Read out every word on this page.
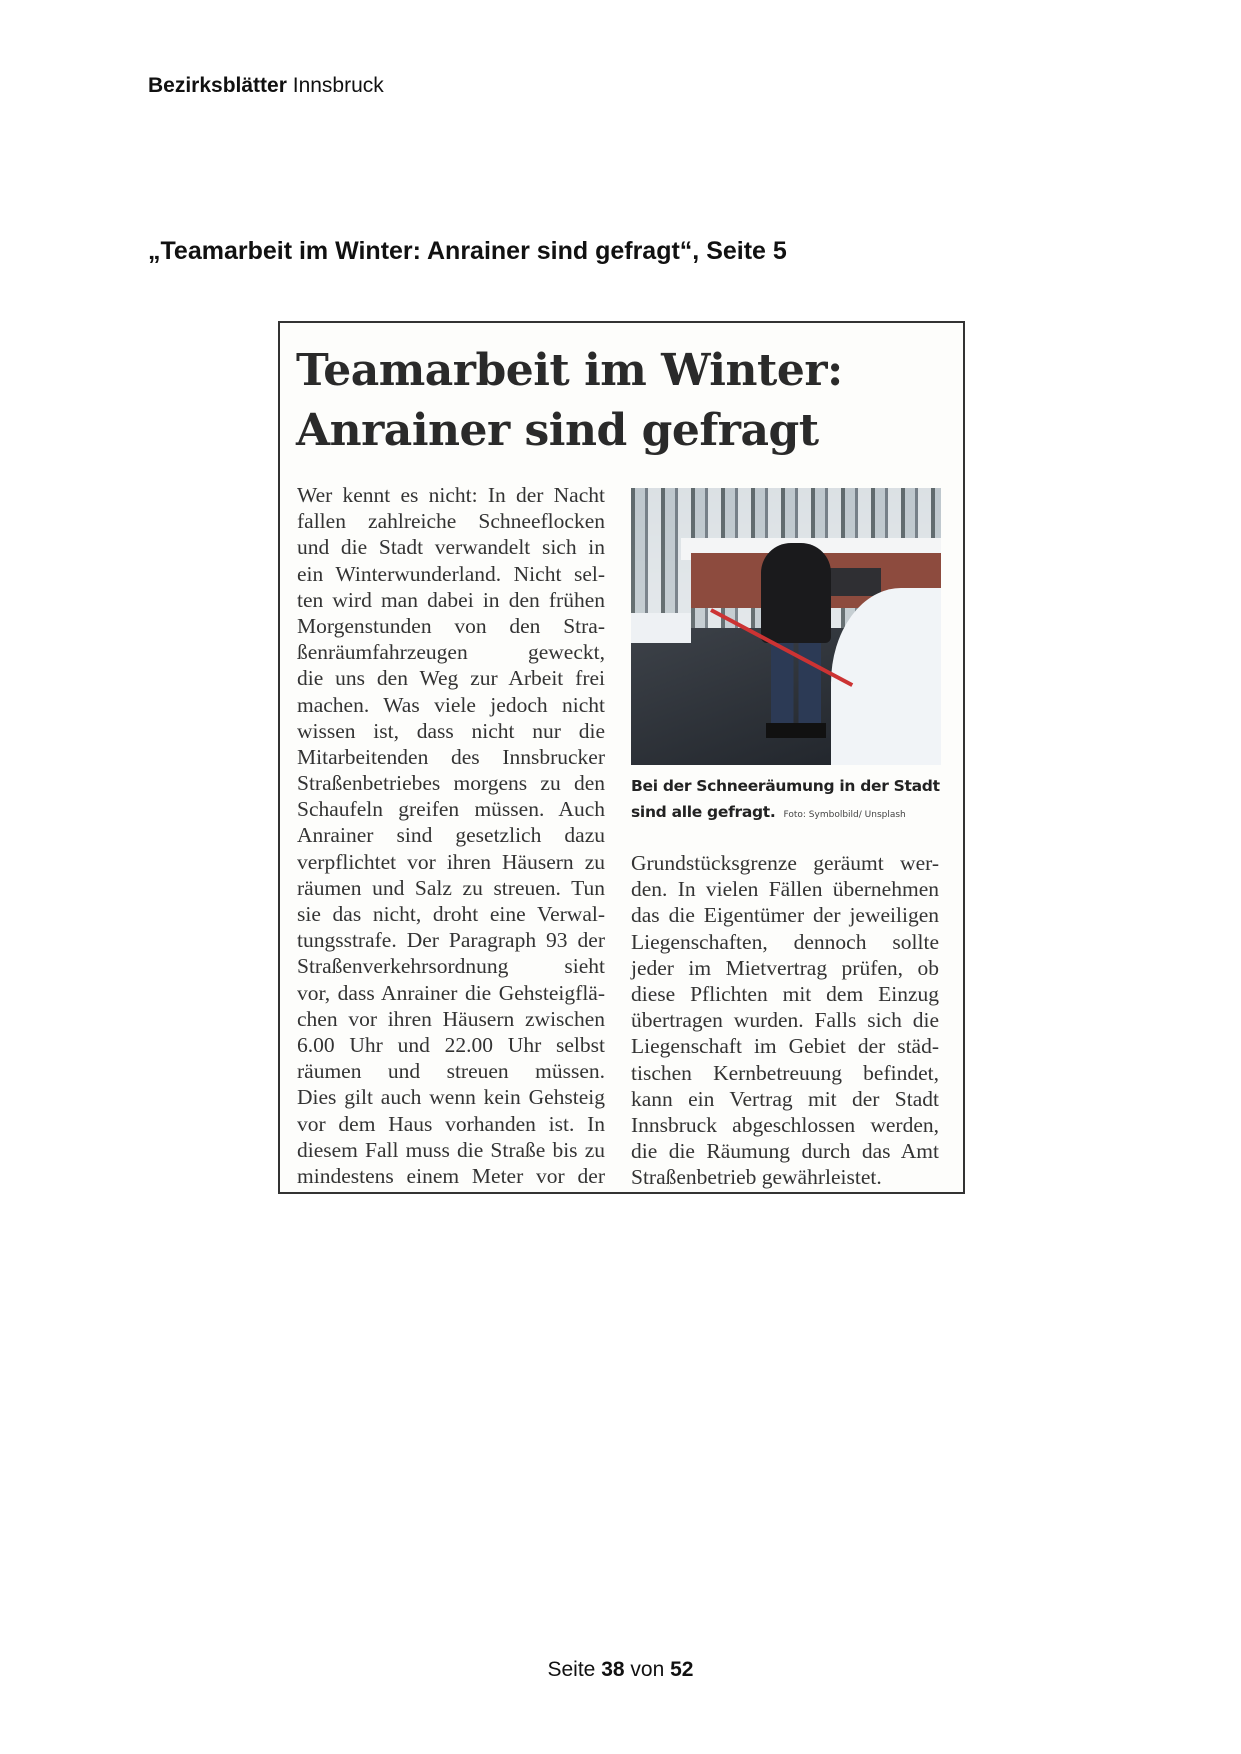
Bezirksblätter Innsbruck
„Teamarbeit im Winter: Anrainer sind gefragt“, Seite 5
Teamarbeit im Winter:
Anrainer sind gefragt
Wer kennt es nicht: In der Nacht
fallen zahlreiche Schneeflocken
und die Stadt verwandelt sich in
ein Winterwunderland. Nicht sel-
ten wird man dabei in den frühen
Morgenstunden von den Stra-
ßenräumfahrzeugen geweckt,
die uns den Weg zur Arbeit frei
machen. Was viele jedoch nicht
wissen ist, dass nicht nur die
Mitarbeitenden des Innsbrucker
Straßenbetriebes morgens zu den
Schaufeln greifen müssen. Auch
Anrainer sind gesetzlich dazu
verpflichtet vor ihren Häusern zu
räumen und Salz zu streuen. Tun
sie das nicht, droht eine Verwal-
tungsstrafe. Der Paragraph 93 der
Straßenverkehrsordnung sieht
vor, dass Anrainer die Gehsteigflä-
chen vor ihren Häusern zwischen
6.00 Uhr und 22.00 Uhr selbst
räumen und streuen müssen.
Dies gilt auch wenn kein Gehsteig
vor dem Haus vorhanden ist. In
diesem Fall muss die Straße bis zu
mindestens einem Meter vor der
Bei der Schneeräumung in der Stadt
sind alle gefragt. Foto: Symbolbild/ Unsplash
Grundstücksgrenze geräumt wer-
den. In vielen Fällen übernehmen
das die Eigentümer der jeweiligen
Liegenschaften, dennoch sollte
jeder im Mietvertrag prüfen, ob
diese Pflichten mit dem Einzug
übertragen wurden. Falls sich die
Liegenschaft im Gebiet der städ-
tischen Kernbetreuung befindet,
kann ein Vertrag mit der Stadt
Innsbruck abgeschlossen werden,
die die Räumung durch das Amt
Straßenbetrieb gewährleistet.
Seite 38 von 52
